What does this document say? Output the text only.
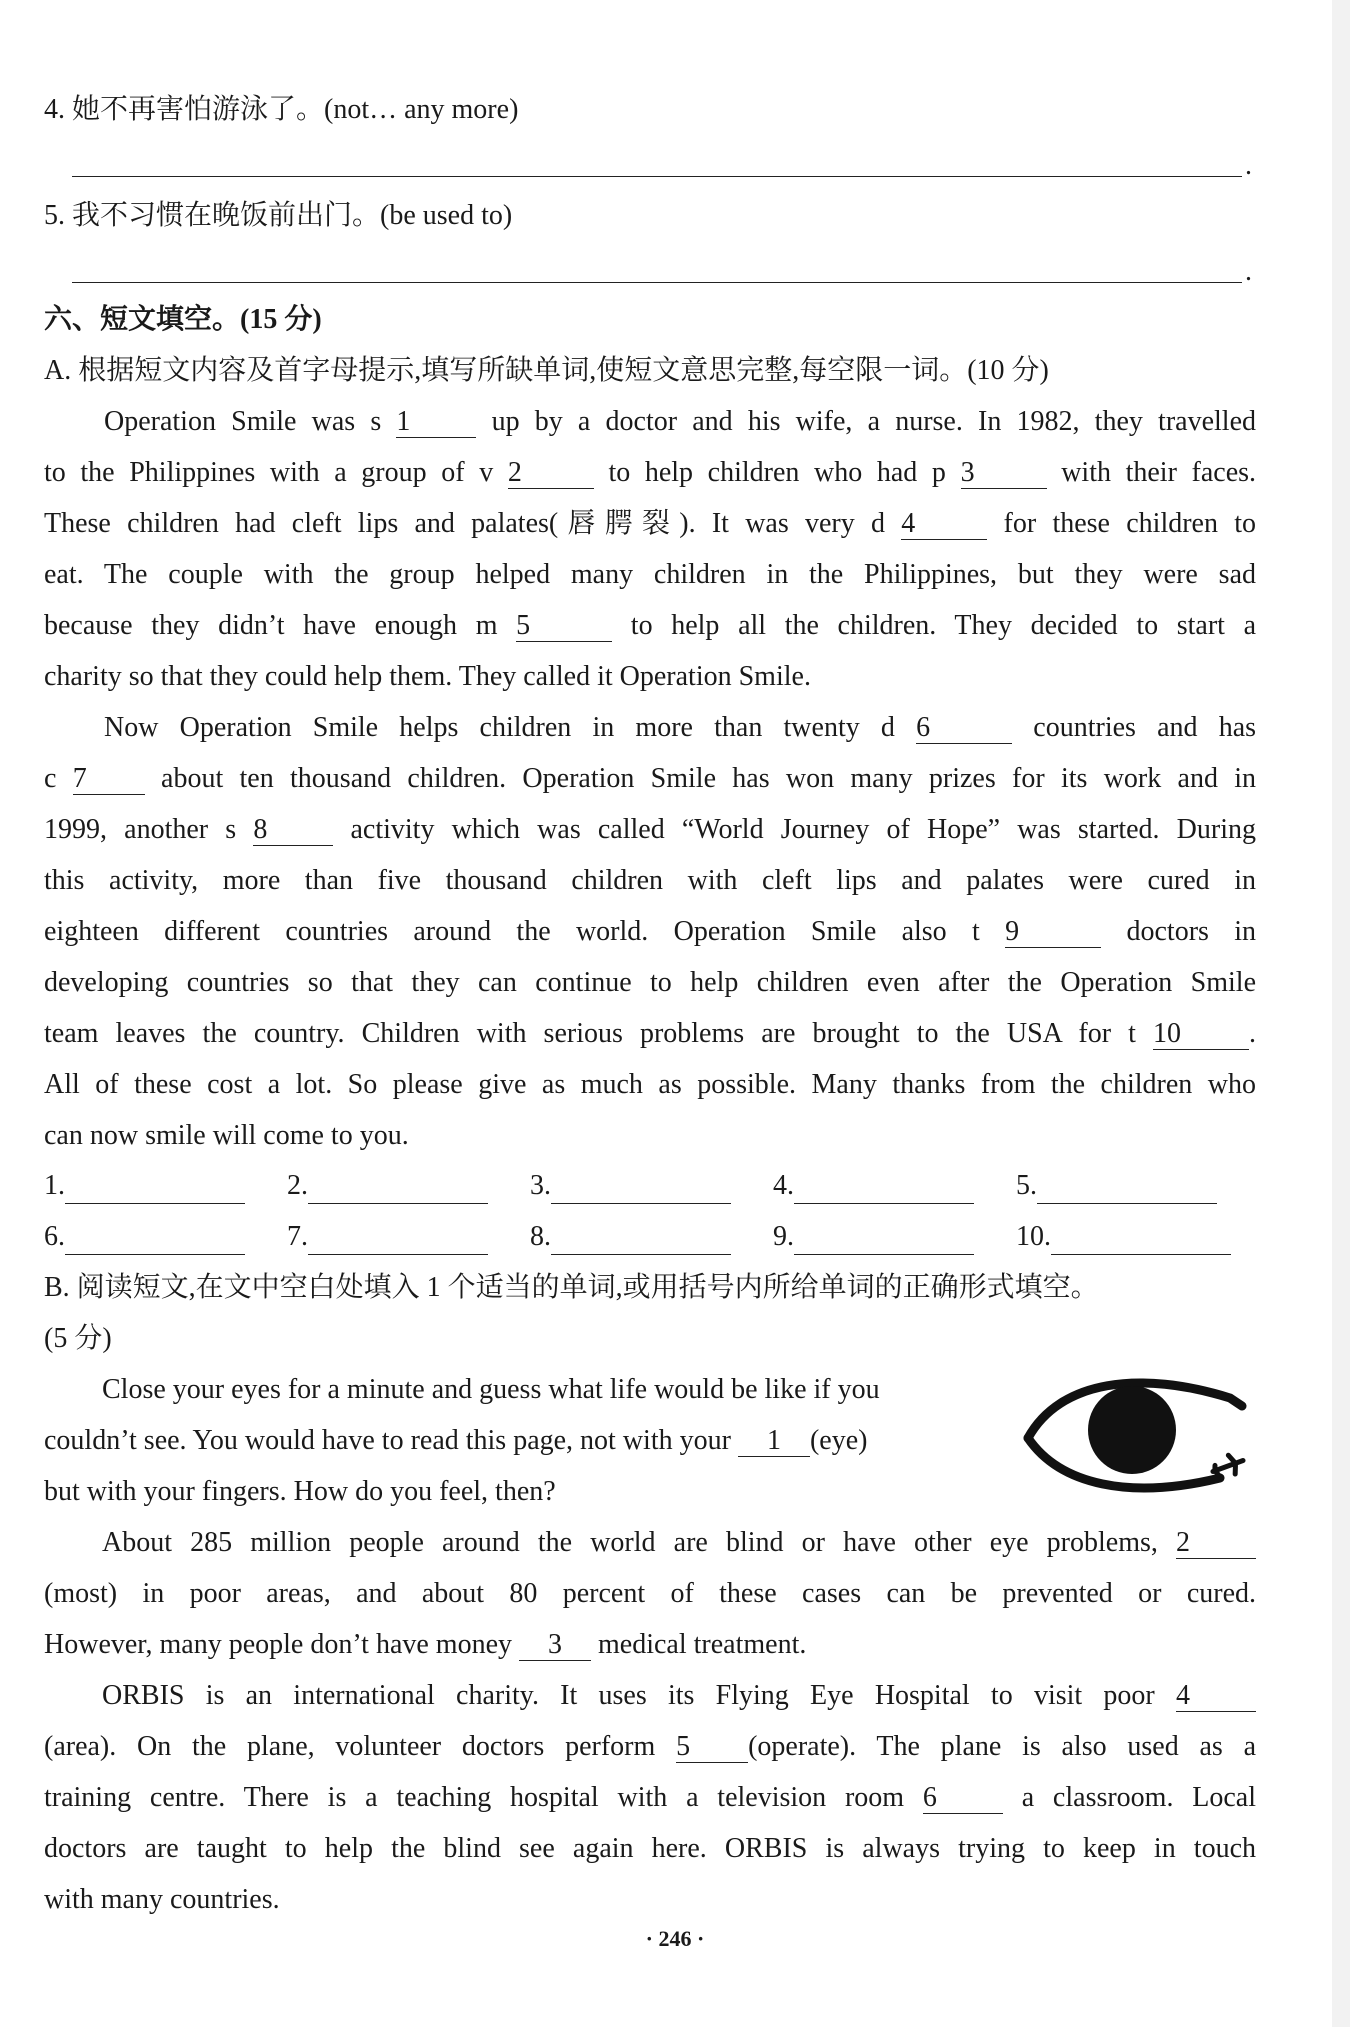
4. 她不再害怕游泳了。(not… any more)
.
5. 我不习惯在晚饭前出门。(be used to)
.
六、短文填空。(15 分)
A. 根据短文内容及首字母提示,填写所缺单词,使短文意思完整,每空限一词。(10 分)
Operation Smile was s 1	up by a doctor and his wife, a nurse. In 1982, they travelled
to the Philippines with a group of v 2	to help children who had p 3	with their faces.
These children had cleft lips and palates(唇腭裂). It was very d 4	for these children to
eat. The couple with the group helped many children in the Philippines, but they were sad
because they didn’t have enough m 5	to help all the children. They decided to start a
charity so that they could help them. They called it Operation Smile.
Now Operation Smile helps children in more than twenty d 6	countries and has
c 7	about ten thousand children. Operation Smile has won many prizes for its work and in
1999, another s 8	activity which was called “World Journey of Hope” was started. During
this activity, more than five thousand children with cleft lips and palates were cured in
eighteen different countries around the world. Operation Smile also t 9	doctors in
developing countries so that they can continue to help children even after the Operation Smile
team leaves the country. Children with serious problems are brought to the USA for t 10 .
All of these cost a lot. So please give as much as possible. Many thanks from the children who
can now smile will come to you.
1.	2.	3.	4.	5.
6.	7.	8.	9.	10.
B. 阅读短文,在文中空白处填入 1 个适当的单词,或用括号内所给单词的正确形式填空。
(5 分)
Close your eyes for a minute and guess what life would be like if you
couldn’t see. You would have to read this page, not with your 1 (eye)
but with your fingers. How do you feel, then?
About 285 million people around the world are blind or have other eye problems, 2
(most) in poor areas, and about 80 percent of these cases can be prevented or cured.
However, many people don’t have money 3 medical treatment.
ORBIS is an international charity. It uses its Flying Eye Hospital to visit poor 4
(area). On the plane, volunteer doctors perform 5 (operate). The plane is also used as a
training centre. There is a teaching hospital with a television room 6	a classroom. Local
doctors are taught to help the blind see again here. ORBIS is always trying to keep in touch
with many countries.
· 246 ·
